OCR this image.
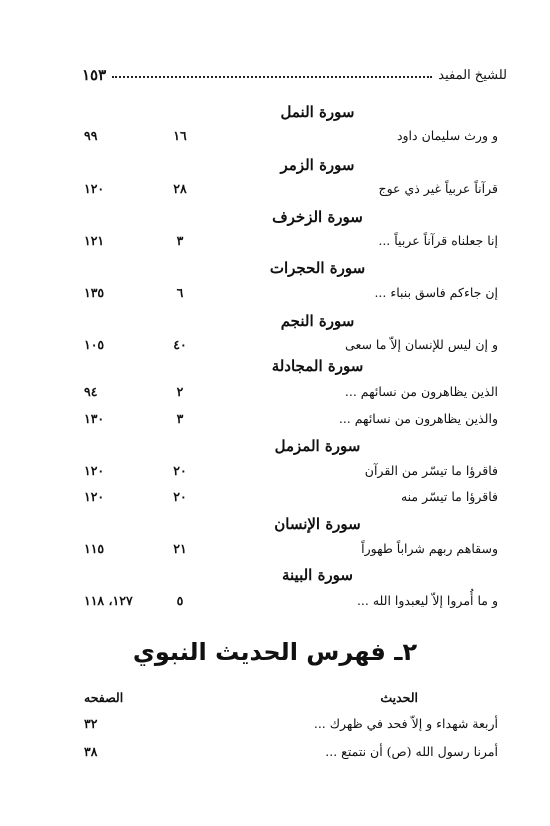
للشيخ المفيد
١٥٣
سورة النمل
و ورث سليمان داود
١٦
٩٩
سورة الزمر
قرآناً عربياً غير ذي عوج
٢٨
١٢٠
سورة الزخرف
إنا جعلناه قرآناً عربياً ...
٣
١٢١
سورة الحجرات
إن جاءكم فاسق بنباء ...
٦
١٣٥
سورة النجم
و إن ليس للإنسان إلاّ ما سعى
٤٠
١٠٥
سورة المجادلة
الذين يظاهرون من نسائهم ...
٢
٩٤
والذين يظاهرون من نسائهم ...
٣
١٣٠
سورة المزمل
فاقرؤا ما تيسّر من القرآن
٢٠
١٢٠
فاقرؤا ما تيسّر منه
٢٠
١٢٠
سورة الإنسان
وسقاهم ربهم شراباً طهوراً
٢١
١١٥
سورة البينة
و ما أُمروا إلاّ ليعبدوا الله ...
٥
١٢٧، ١١٨
٢ـ فهرس الحديث النبوي
الحديث
الصفحه
أربعة شهداء و إلاّ فحد في ظهرك ...
٣٢
أمرنا رسول الله (ص) أن نتمتع ...
٣٨
